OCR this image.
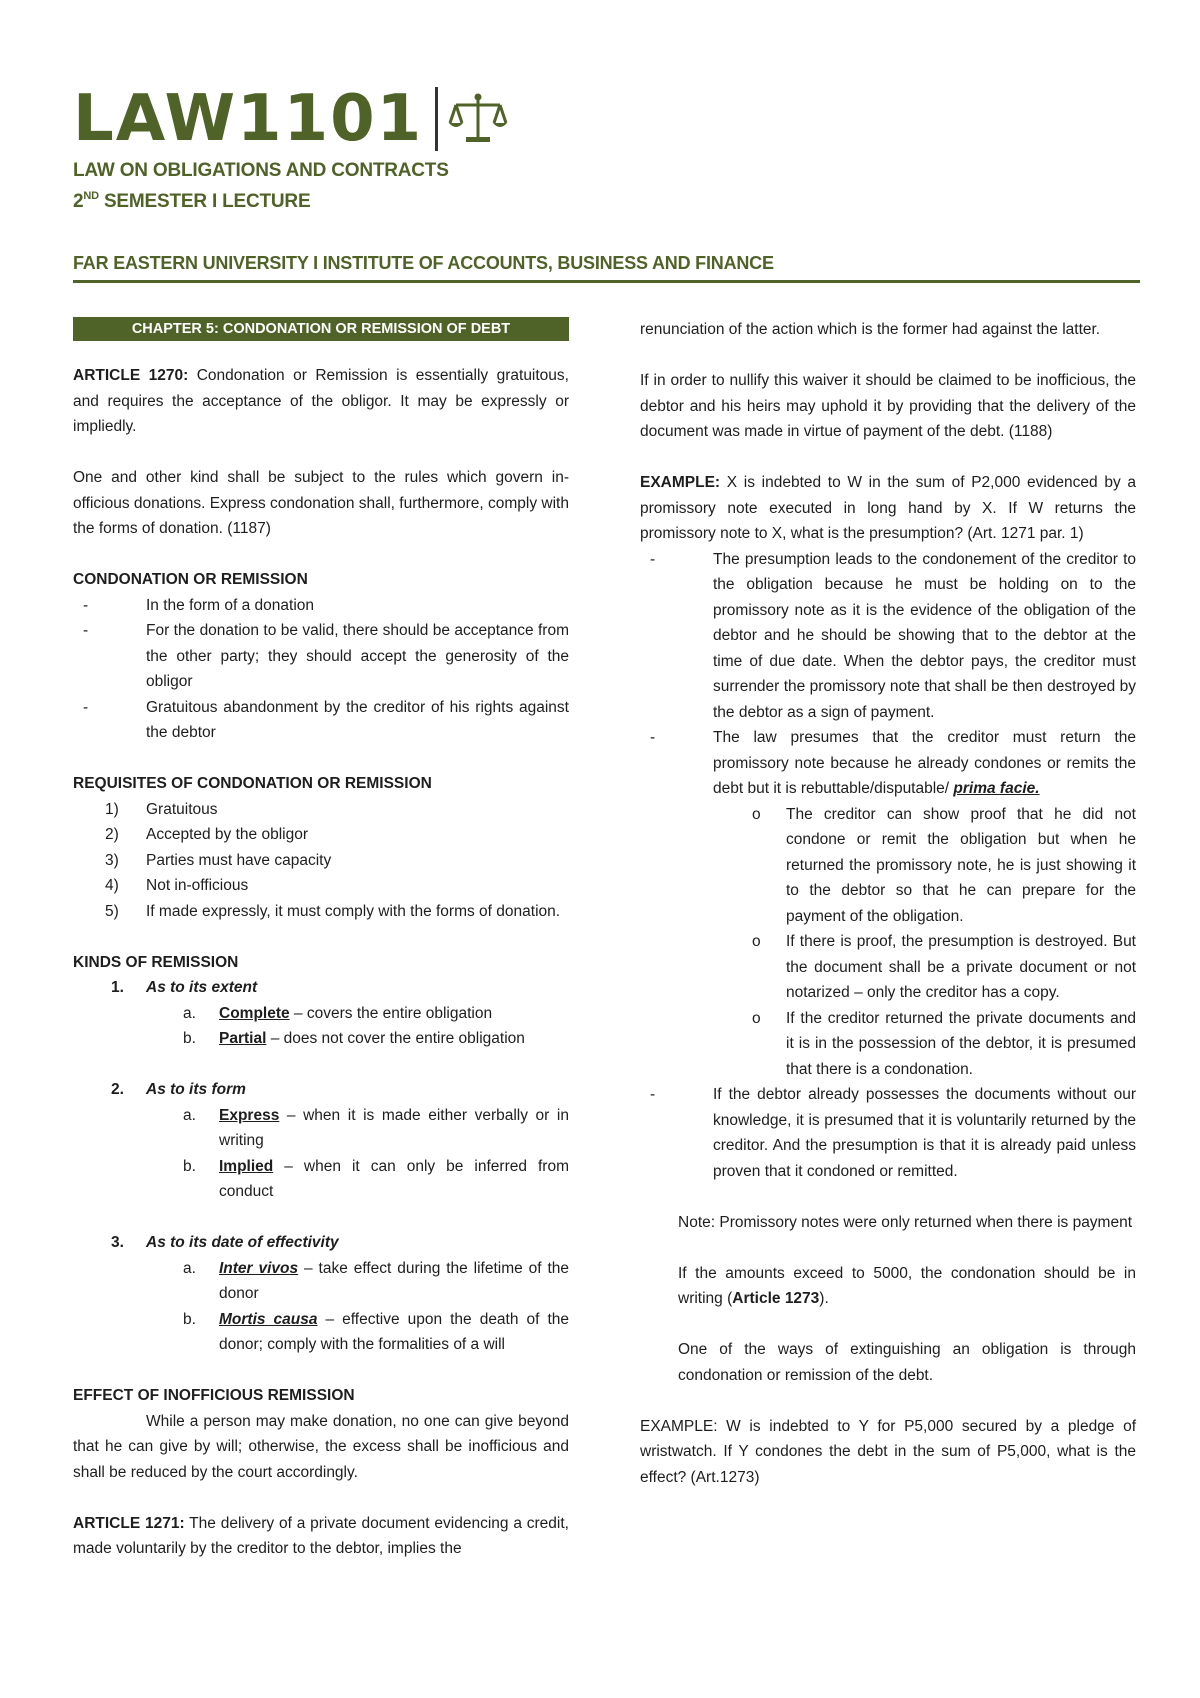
LAW1101
LAW ON OBLIGATIONS AND CONTRACTS
2ND SEMESTER I LECTURE
FAR EASTERN UNIVERSITY I INSTITUTE OF ACCOUNTS, BUSINESS AND FINANCE
CHAPTER 5: CONDONATION OR REMISSION OF DEBT

ARTICLE 1270: Condonation or Remission is essentially gratuitous, and requires the acceptance of the obligor. It may be expressly or impliedly.

One and other kind shall be subject to the rules which govern in-officious donations. Express condonation shall, furthermore, comply with the forms of donation. (1187)

CONDONATION OR REMISSION
-	In the form of a donation
-	For the donation to be valid, there should be acceptance from the other party; they should accept the generosity of the obligor
-	Gratuitous abandonment by the creditor of his rights against the debtor
REQUISITES OF CONDONATION OR REMISSION
1)	Gratuitous
2)	Accepted by the obligor
3)	Parties must have capacity
4)	Not in-officious
5)	If made expressly, it must comply with the forms of donation.
KINDS OF REMISSION
1.	As to its extent
a.	Complete – covers the entire obligation
b.	Partial – does not cover the entire obligation
2.	As to its form
a.	Express – when it is made either verbally or in writing
b.	Implied – when it can only be inferred from conduct
3.	As to its date of effectivity
a.	Inter vivos – take effect during the lifetime of the donor
b.	Mortis causa – effective upon the death of the donor; comply with the formalities of a will
EFFECT OF INOFFICIOUS REMISSION

While a person may make donation, no one can give beyond that he can give by will; otherwise, the excess shall be inofficious and shall be reduced by the court accordingly.

ARTICLE 1271: The delivery of a private document evidencing a credit, made voluntarily by the creditor to the debtor, implies the

renunciation of the action which is the former had against the latter.

If in order to nullify this waiver it should be claimed to be inofficious, the debtor and his heirs may uphold it by providing that the delivery of the document was made in virtue of payment of the debt. (1188)

EXAMPLE: X is indebted to W in the sum of P2,000 evidenced by a promissory note executed in long hand by X. If W returns the promissory note to X, what is the presumption? (Art. 1271 par. 1)

-	The presumption leads to the condonement of the creditor to the obligation because he must be holding on to the promissory note as it is the evidence of the obligation of the debtor and he should be showing that to the debtor at the time of due date. When the debtor pays, the creditor must surrender the promissory note that shall be then destroyed by the debtor as a sign of payment.
-	The law presumes that the creditor must return the promissory note because he already condones or remits the debt but it is rebuttable/disputable/ prima facie.
o	The creditor can show proof that he did not condone or remit the obligation but when he returned the promissory note, he is just showing it to the debtor so that he can prepare for the payment of the obligation.
o	If there is proof, the presumption is destroyed. But the document shall be a private document or not notarized – only the creditor has a copy.
o	If the creditor returned the private documents and it is in the possession of the debtor, it is presumed that there is a condonation.
-	If the debtor already possesses the documents without our knowledge, it is presumed that it is voluntarily returned by the creditor. And the presumption is that it is already paid unless proven that it condoned or remitted.

Note: Promissory notes were only returned when there is payment

If the amounts exceed to 5000, the condonation should be in writing (Article 1273).

One of the ways of extinguishing an obligation is through condonation or remission of the debt.

EXAMPLE: W is indebted to Y for P5,000 secured by a pledge of wristwatch. If Y condones the debt in the sum of P5,000, what is the effect? (Art.1273)
